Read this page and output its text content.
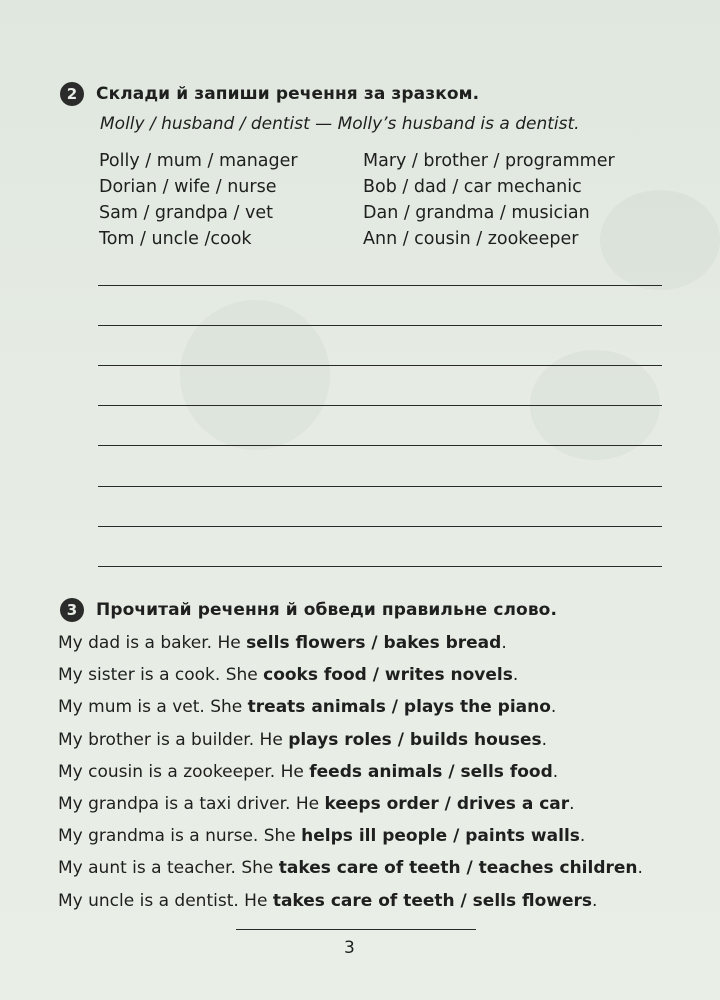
2	Склади й запиши речення за зразком.
Molly / husband / dentist — Molly’s husband is a dentist.
Polly / mum / manager	Mary / brother / programmer
Dorian / wife / nurse	Bob / dad / car mechanic
Sam / grandpa / vet	Dan / grandma / musician
Tom / uncle /cook	Ann / cousin / zookeeper
3	Прочитай речення й обведи правильне слово.
My dad is a baker. He sells flowers / bakes bread.
My sister is a cook. She cooks food / writes novels.
My mum is a vet. She treats animals / plays the piano.
My brother is a builder. He plays roles / builds houses.
My cousin is a zookeeper. He feeds animals / sells food.
My grandpa is a taxi driver. He keeps order / drives a car.
My grandma is a nurse. She helps ill people / paints walls.
My aunt is a teacher. She takes care of teeth / teaches children.
My uncle is a dentist. He takes care of teeth / sells flowers.
3
